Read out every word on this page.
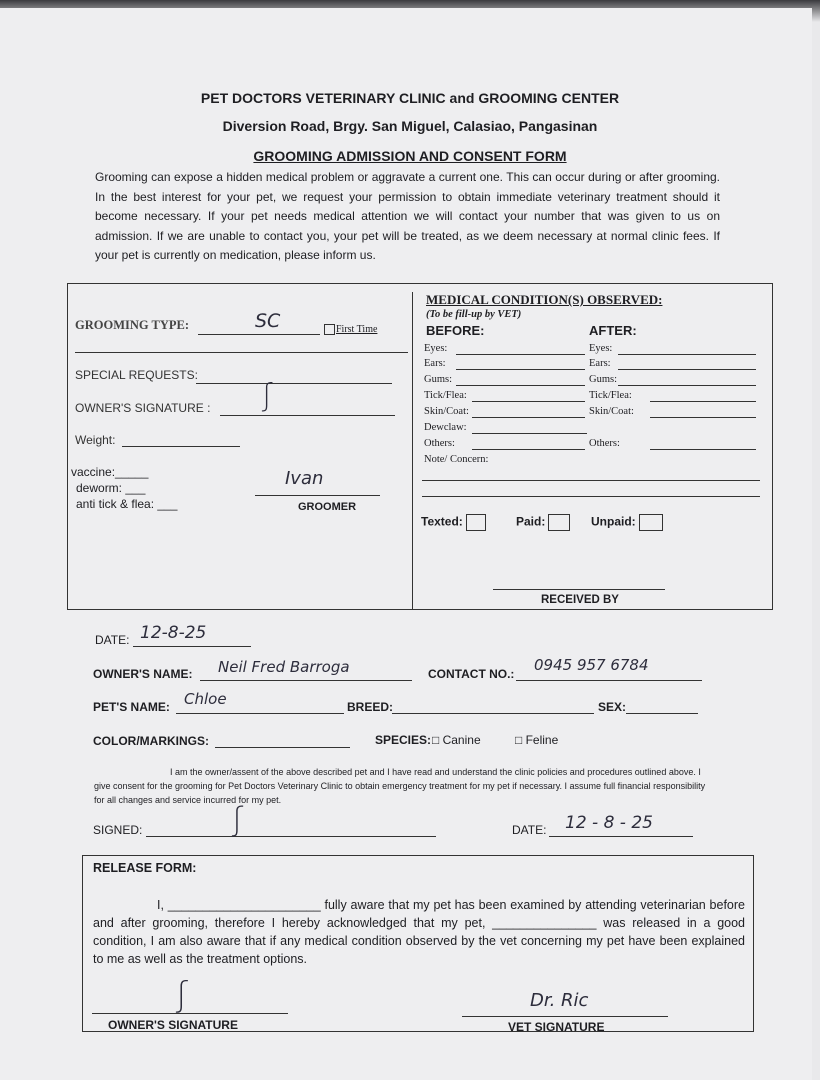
PET DOCTORS VETERINARY CLINIC and GROOMING CENTER
Diversion Road, Brgy. San Miguel, Calasiao, Pangasinan
GROOMING ADMISSION AND CONSENT FORM
Grooming can expose a hidden medical problem or aggravate a current one. This can occur during or after grooming. In the best interest for your pet, we request your permission to obtain immediate veterinary treatment should it become necessary. If your pet needs medical attention we will contact your number that was given to us on admission. If we are unable to contact you, your pet will be treated, as we deem necessary at normal clinic fees. If your pet is currently on medication, please inform us.
GROOMING TYPE:	SC	First Time
SPECIAL REQUESTS:
OWNER'S SIGNATURE : ʃ
Weight:
vaccine:_____
deworm: ___
anti tick & flea: ___
Ivan
GROOMER
MEDICAL CONDITION(S) OBSERVED:
(To be fill-up by VET)
BEFORE:	AFTER:
Eyes:	Eyes:
Ears:	Ears:
Gums:	Gums:
Tick/Flea:	Tick/Flea:
Skin/Coat:	Skin/Coat:
Dewclaw:
Others:	Others:
Note/ Concern:
Texted:	Paid:	Unpaid:
RECEIVED BY
DATE: 12-8-25
OWNER'S NAME: Neil Fred Barroga	CONTACT NO.: 0945 957 6784
PET'S NAME: Chloe	BREED:	SEX:
COLOR/MARKINGS:	SPECIES: □ Canine	□ Feline
I am the owner/assent of the above described pet and I have read and understand the clinic policies and procedures outlined above. I give consent for the grooming for Pet Doctors Veterinary Clinic to obtain emergency treatment for my pet if necessary. I assume full financial responsibility for all changes and service incurred for my pet.
SIGNED:	ʃ	DATE: 12 - 8 - 25
RELEASE FORM:
I, ______________________ fully aware that my pet has been examined by attending veterinarian before and after grooming, therefore I hereby acknowledged that my pet, _______________ was released in a good condition, I am also aware that if any medical condition observed by the vet concerning my pet have been explained to me as well as the treatment options.
ʃ
OWNER'S SIGNATURE
Dr. Ric
VET SIGNATURE
